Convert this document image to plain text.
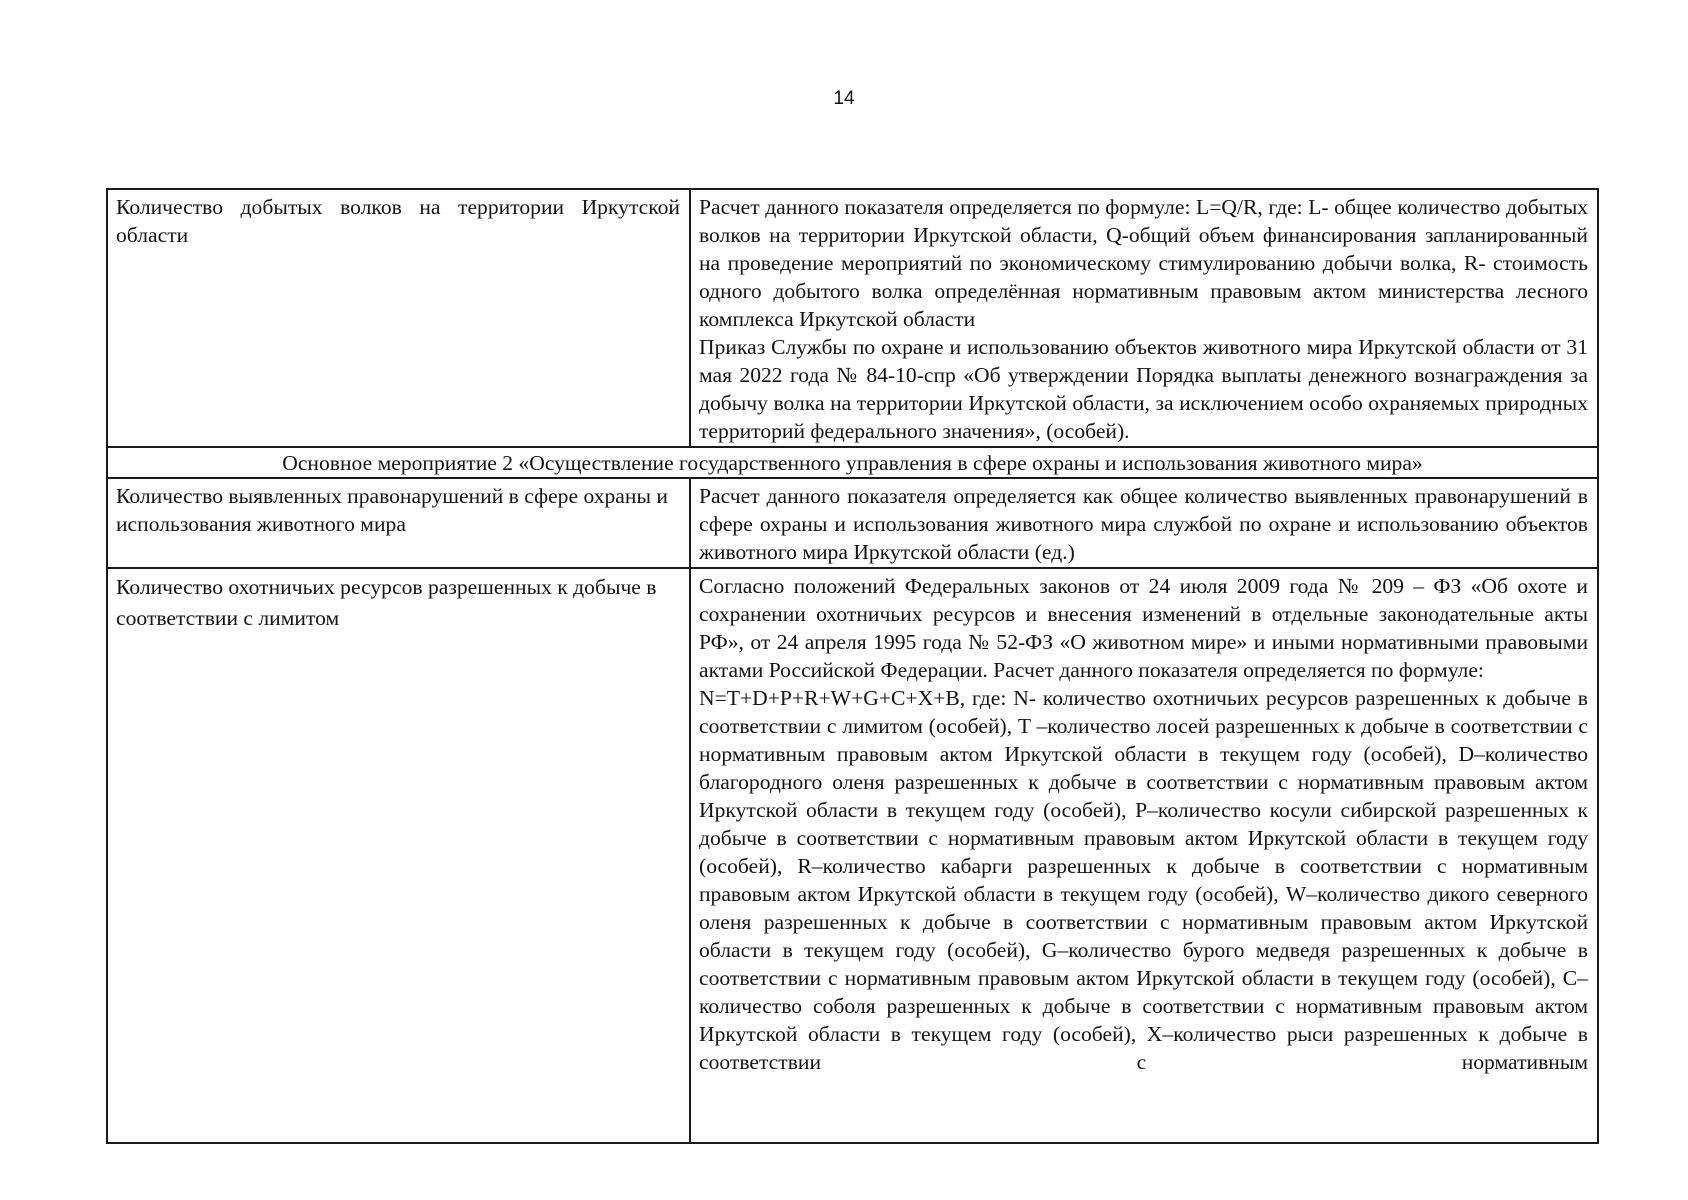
14
Количество добытых волков на территории Иркутской области	Расчет данного показателя определяется по формуле: L=Q/R, где: L- общее количество добытых волков на территории Иркутской области, Q-общий объем финансирования запланированный на проведение мероприятий по экономическому стимулированию добычи волка, R- стоимость одного добытого волка определённая нормативным правовым актом министерства лесного комплекса Иркутской области
Приказ Службы по охране и использованию объектов животного мира Иркутской области от 31 мая 2022 года № 84-10-спр «Об утверждении Порядка выплаты денежного вознаграждения за добычу волка на территории Иркутской области, за исключением особо охраняемых природных территорий федерального значения», (особей).

Основное мероприятие 2 «Осуществление государственного управления в сфере охраны и использования животного мира»	
Количество выявленных правонарушений в сфере охраны и использования животного мира	Расчет данного показателя определяется как общее количество выявленных правонарушений в сфере охраны и использования животного мира службой по охране и использованию объектов животного мира Иркутской области (ед.)
Количество охотничьих ресурсов разрешенных к добыче в соответствии с лимитом	Согласно положений Федеральных законов от 24 июля 2009 года № 209 – ФЗ «Об охоте и сохранении охотничьих ресурсов и внесения изменений в отдельные законодательные акты РФ», от 24 апреля 1995 года № 52-ФЗ «О животном мире» и иными нормативными правовыми актами Российской Федерации. Расчет данного показателя определяется по формуле:
N=T+D+P+R+W+G+C+X+B, где: N- количество охотничьих ресурсов разрешенных к добыче в соответствии с лимитом (особей), T –количество лосей разрешенных к добыче в соответствии с нормативным правовым актом Иркутской области в текущем году (особей), D–количество благородного оленя разрешенных к добыче в соответствии с нормативным правовым актом Иркутской области в текущем году (особей), P–количество косули сибирской разрешенных к добыче в соответствии с нормативным правовым актом Иркутской области в текущем году (особей), R–количество кабарги разрешенных к добыче в соответствии с нормативным правовым актом Иркутской области в текущем году (особей), W–количество дикого северного оленя разрешенных к добыче в соответствии с нормативным правовым актом Иркутской области в текущем году (особей), G–количество бурого медведя разрешенных к добыче в соответствии с нормативным правовым актом Иркутской области в текущем году (особей), C–количество соболя разрешенных к добыче в соответствии с нормативным правовым актом Иркутской области в текущем году (особей), X–количество рыси разрешенных к добыче в соответствии с нормативным
